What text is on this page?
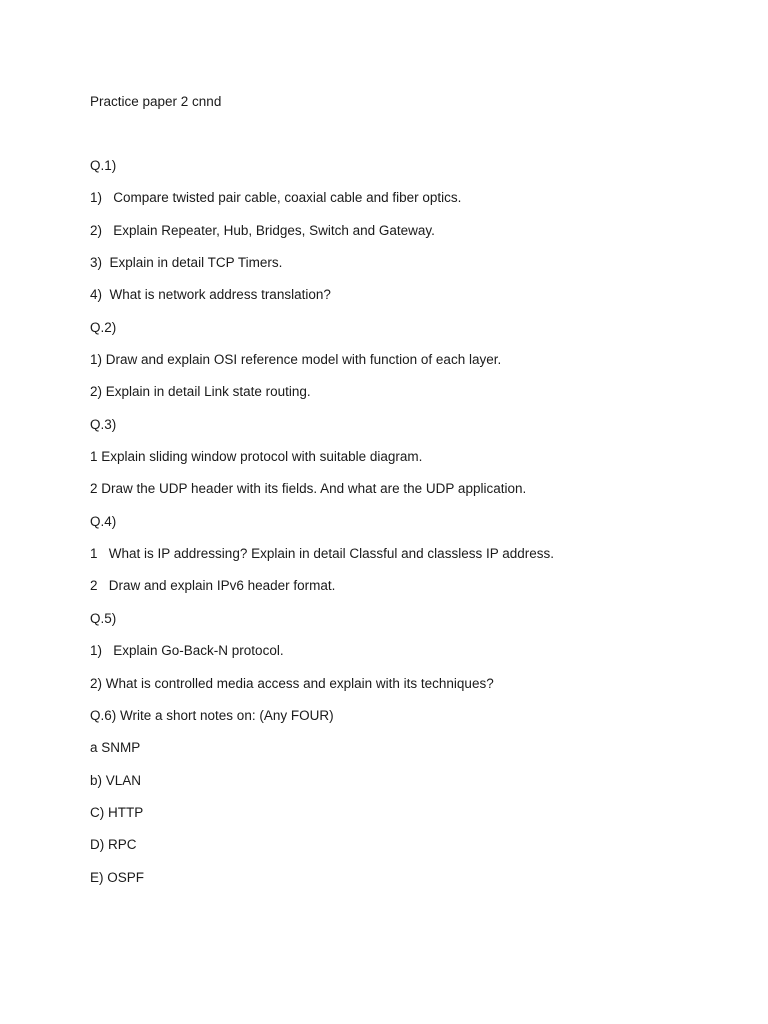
Practice paper 2 cnnd
Q.1)
1)   Compare twisted pair cable, coaxial cable and fiber optics.
2)   Explain Repeater, Hub, Bridges, Switch and Gateway.
3)  Explain in detail TCP Timers.
4)  What is network address translation?
Q.2)
1) Draw and explain OSI reference model with function of each layer.
2) Explain in detail Link state routing.
Q.3)
1 Explain sliding window protocol with suitable diagram.
2 Draw the UDP header with its fields. And what are the UDP application.
Q.4)
1   What is IP addressing? Explain in detail Classful and classless IP address.
2   Draw and explain IPv6 header format.
Q.5)
1)   Explain Go-Back-N protocol.
2) What is controlled media access and explain with its techniques?
Q.6) Write a short notes on: (Any FOUR)
a SNMP
b) VLAN
C) HTTP
D) RPC
E) OSPF
